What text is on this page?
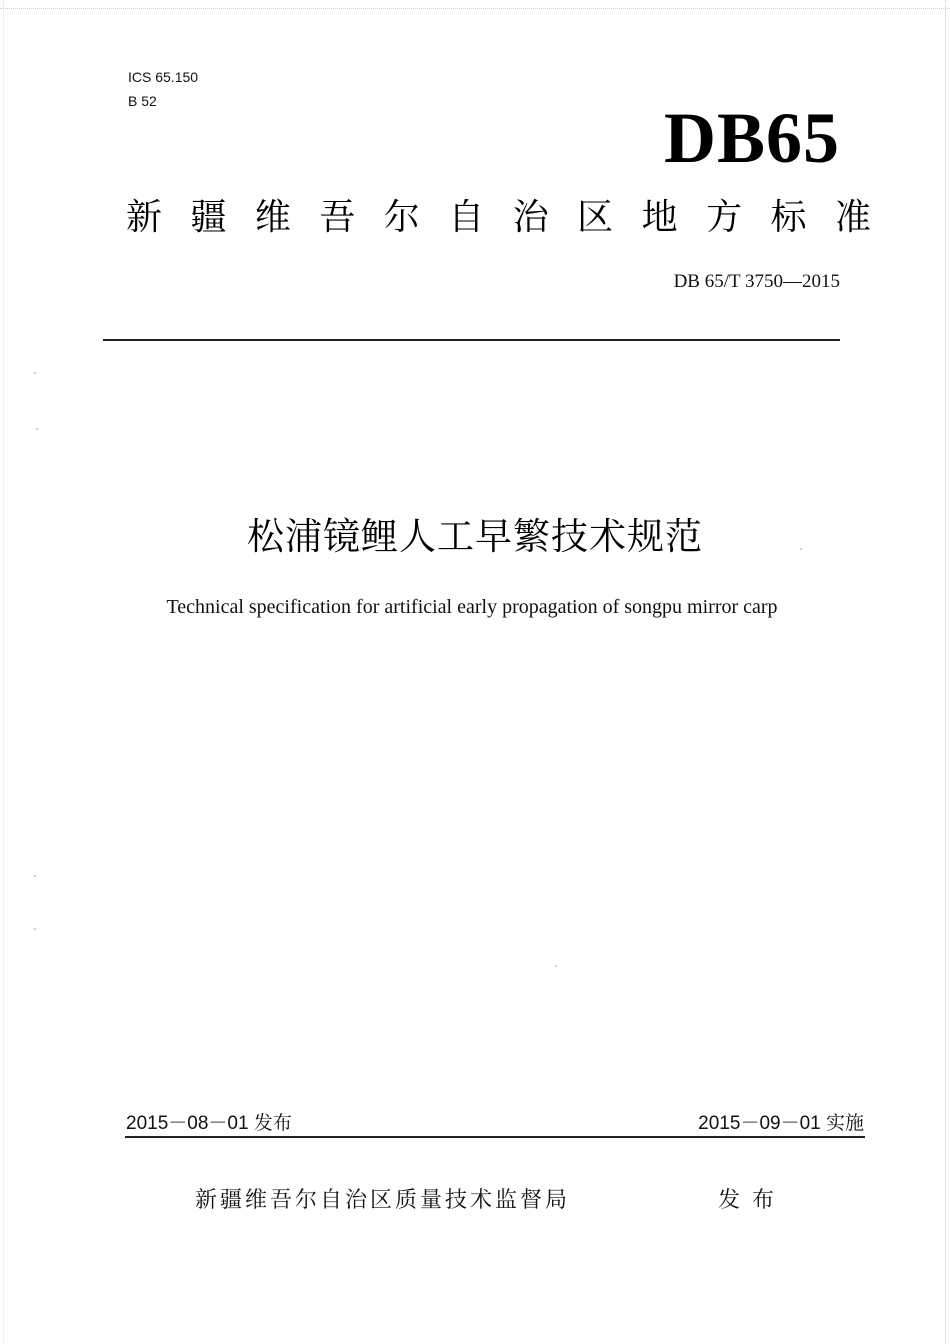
ICS 65.150
B 52	DB65
新 疆 维 吾 尔 自 治 区 地 方 标 准
DB 65/T 3750—2015
松浦镜鲤人工早繁技术规范
Technical specification for artificial early propagation of songpu mirror carp
2015－08－01 发布	2015－09－01 实施
新疆维吾尔自治区质量技术监督局	发布
